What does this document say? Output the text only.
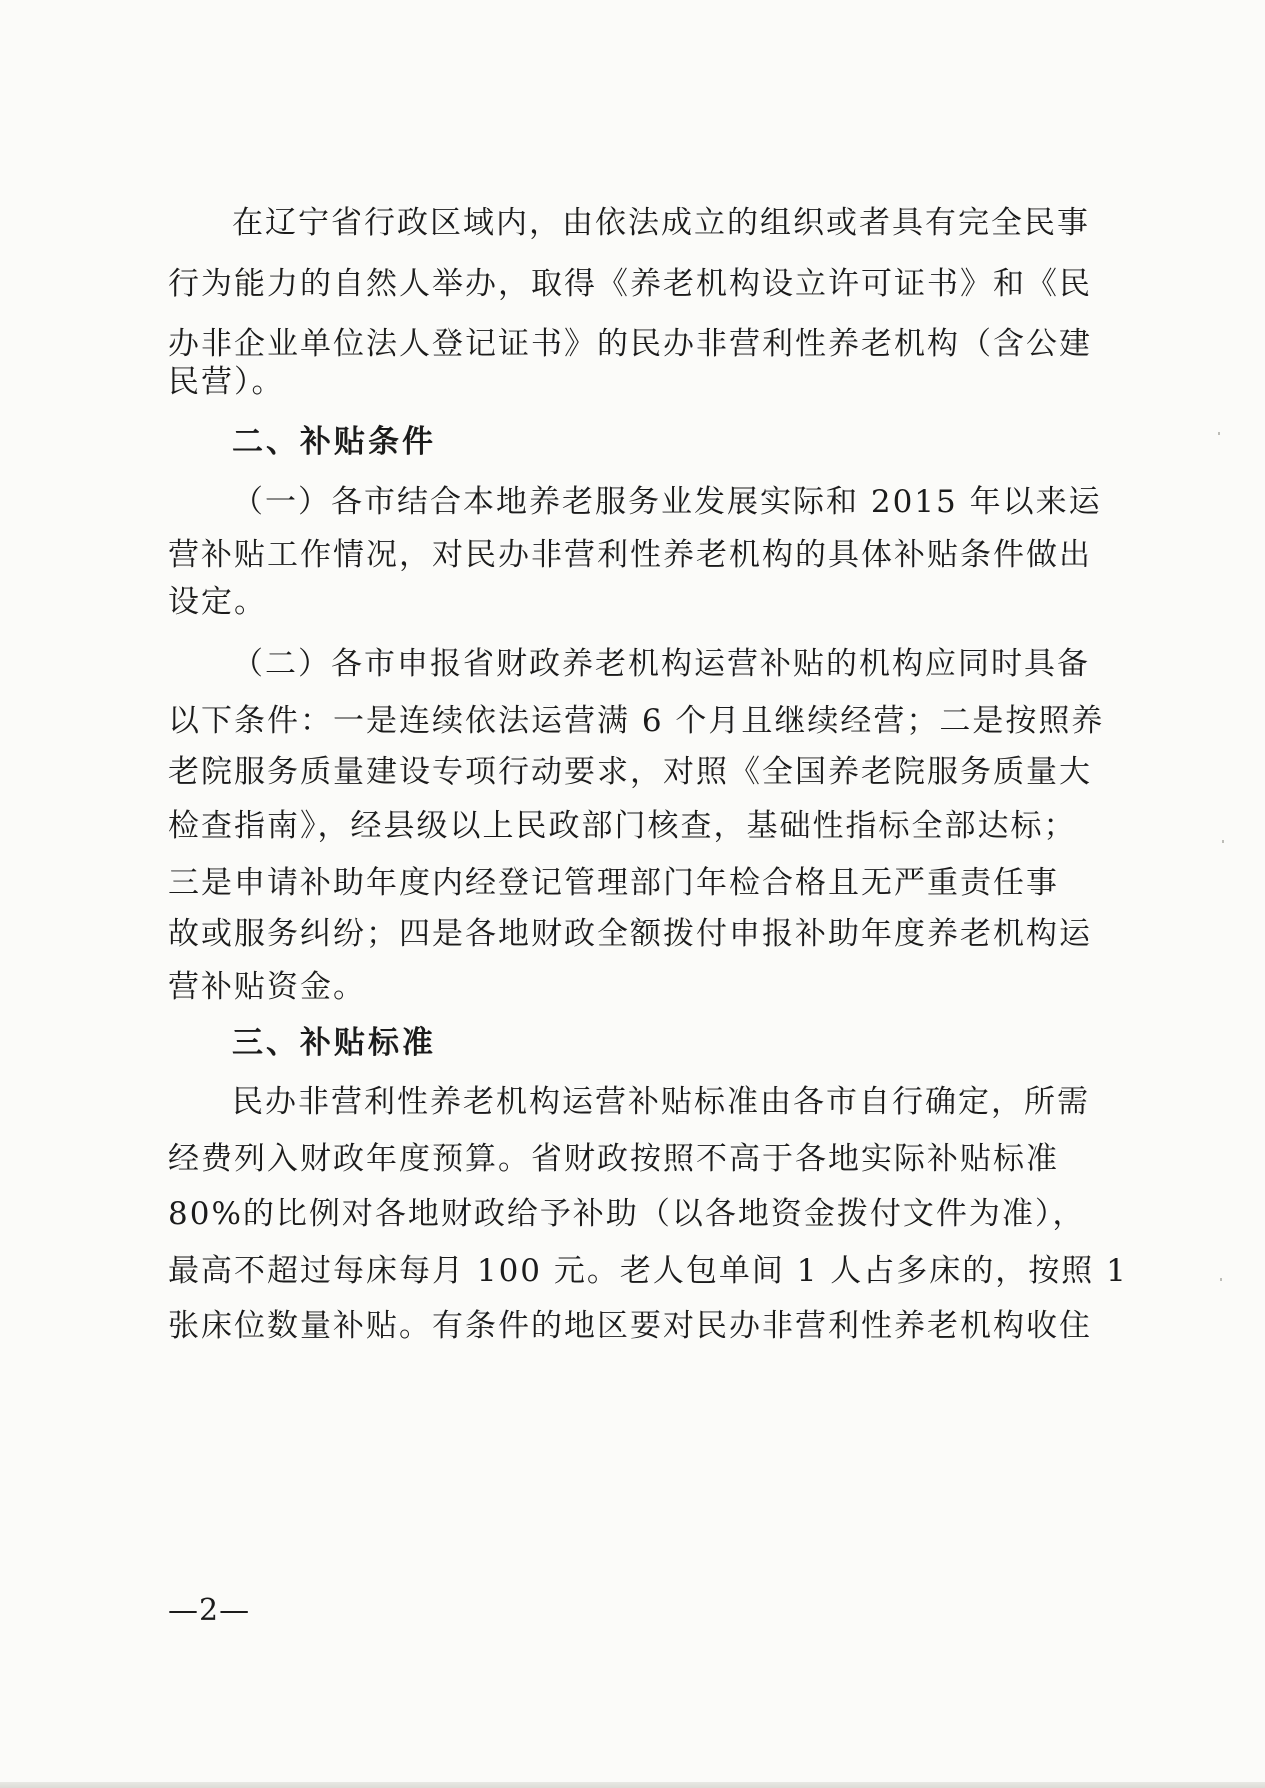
在辽宁省行政区域内，由依法成立的组织或者具有完全民事
行为能力的自然人举办，取得《养老机构设立许可证书》和《民
办非企业单位法人登记证书》的民办非营利性养老机构（含公建
民营）。
二、补贴条件
（一）各市结合本地养老服务业发展实际和 2015 年以来运
营补贴工作情况，对民办非营利性养老机构的具体补贴条件做出
设定。
（二）各市申报省财政养老机构运营补贴的机构应同时具备
以下条件：一是连续依法运营满 6 个月且继续经营；二是按照养
老院服务质量建设专项行动要求，对照《全国养老院服务质量大
检查指南》，经县级以上民政部门核查，基础性指标全部达标；
三是申请补助年度内经登记管理部门年检合格且无严重责任事
故或服务纠纷；四是各地财政全额拨付申报补助年度养老机构运
营补贴资金。
三、补贴标准
民办非营利性养老机构运营补贴标准由各市自行确定，所需
经费列入财政年度预算。省财政按照不高于各地实际补贴标准
80%的比例对各地财政给予补助（以各地资金拨付文件为准），
最高不超过每床每月 100 元。老人包单间 1 人占多床的，按照 1
张床位数量补贴。有条件的地区要对民办非营利性养老机构收住
—2—
